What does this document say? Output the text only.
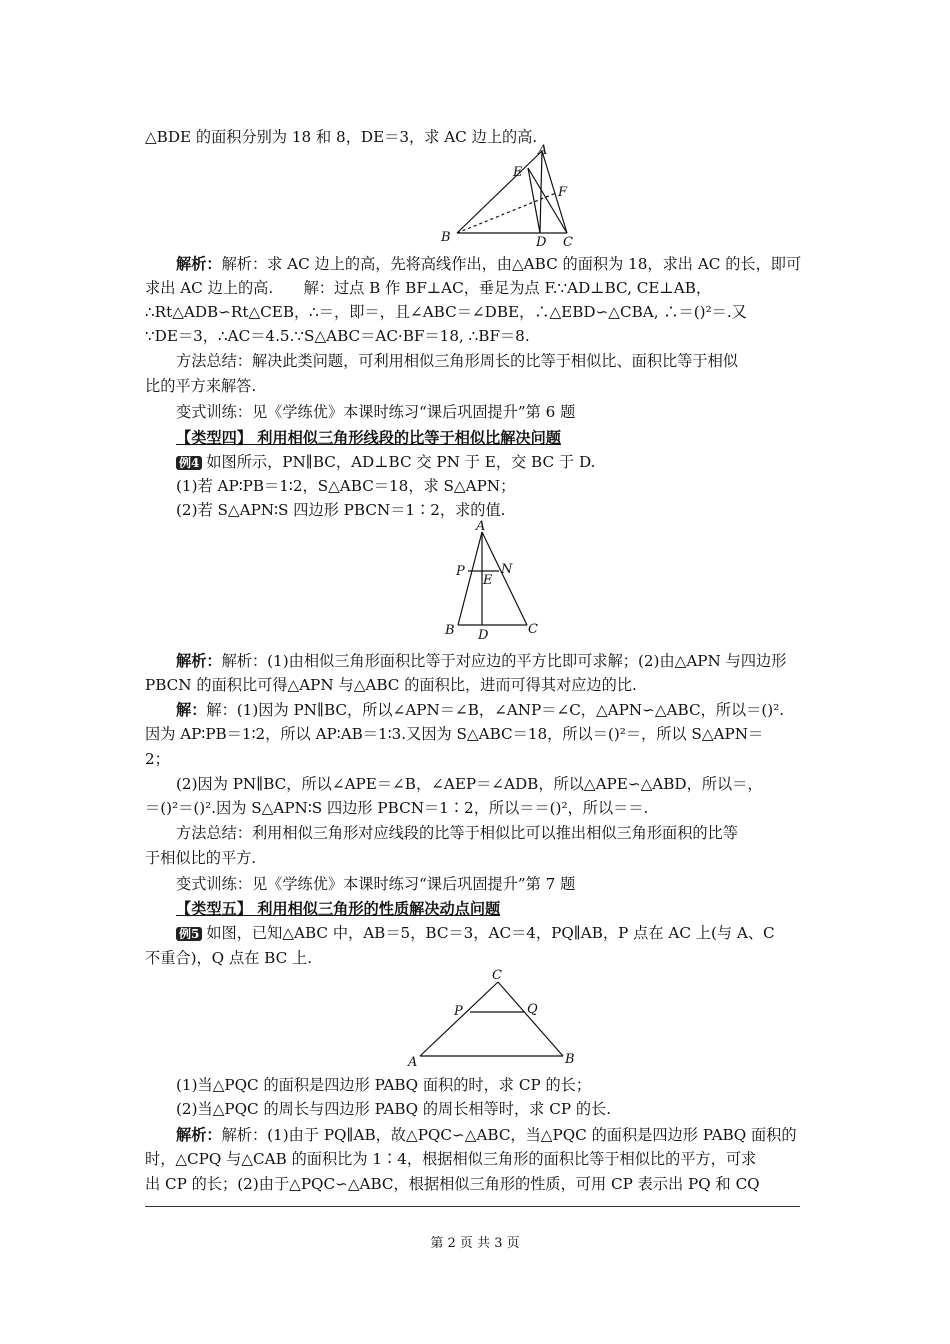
△BDE 的面积分别为 18 和 8，DE＝3，求 AC 边上的高.
A
E
F
B	D C
解析：解析：求 AC 边上的高，先将高线作出，由△ABC 的面积为 18，求出 AC 的长，即可
求出 AC 边上的高.　　解：过点 B 作 BF⊥AC，垂足为点 F.∵AD⊥BC, CE⊥AB，
∴Rt△ADB∽Rt△CEB，∴＝，即＝，且∠ABC＝∠DBE，∴△EBD∽△CBA, ∴＝()²＝.又
∵DE＝3，∴AC＝4.5.∵S△ABC＝AC·BF＝18, ∴BF＝8.
方法总结：解决此类问题，可利用相似三角形周长的比等于相似比、面积比等于相似
比的平方来解答.
变式训练：见《学练优》本课时练习“课后巩固提升”第 6 题
【类型四】 利用相似三角形线段的比等于相似比解决问题
例4 如图所示，PN∥BC，AD⊥BC 交 PN 于 E，交 BC 于 D.
(1)若 AP∶PB＝1∶2，S△ABC＝18，求 S△APN；
(2)若 S△APN∶S 四边形 PBCN＝1∶2，求的值.
A
P
E
N
B D	C
解析：解析：(1)由相似三角形面积比等于对应边的平方比即可求解；(2)由△APN 与四边形
PBCN 的面积比可得△APN 与△ABC 的面积比，进而可得其对应边的比.
解：解：(1)因为 PN∥BC，所以∠APN＝∠B，∠ANP＝∠C，△APN∽△ABC，所以＝()².
因为 AP∶PB＝1∶2，所以 AP∶AB＝1∶3.又因为 S△ABC＝18，所以＝()²＝，所以 S△APN＝
2；
(2)因为 PN∥BC，所以∠APE＝∠B，∠AEP＝∠ADB，所以△APE∽△ABD，所以＝，
＝()²＝()².因为 S△APN∶S 四边形 PBCN＝1∶2，所以＝＝()²，所以＝＝.
方法总结：利用相似三角形对应线段的比等于相似比可以推出相似三角形面积的比等
于相似比的平方.
变式训练：见《学练优》本课时练习“课后巩固提升”第 7 题
【类型五】 利用相似三角形的性质解决动点问题
例5 如图，已知△ABC 中，AB＝5，BC＝3，AC＝4，PQ∥AB，P 点在 AC 上(与 A、C
不重合)，Q 点在 BC 上.
C
P	Q
A	B
(1)当△PQC 的面积是四边形 PABQ 面积的时，求 CP 的长；
(2)当△PQC 的周长与四边形 PABQ 的周长相等时，求 CP 的长.
解析：解析：(1)由于 PQ∥AB，故△PQC∽△ABC，当△PQC 的面积是四边形 PABQ 面积的
时，△CPQ 与△CAB 的面积比为 1∶4，根据相似三角形的面积比等于相似比的平方，可求
出 CP 的长；(2)由于△PQC∽△ABC，根据相似三角形的性质，可用 CP 表示出 PQ 和 CQ
第 2 页 共 3 页
